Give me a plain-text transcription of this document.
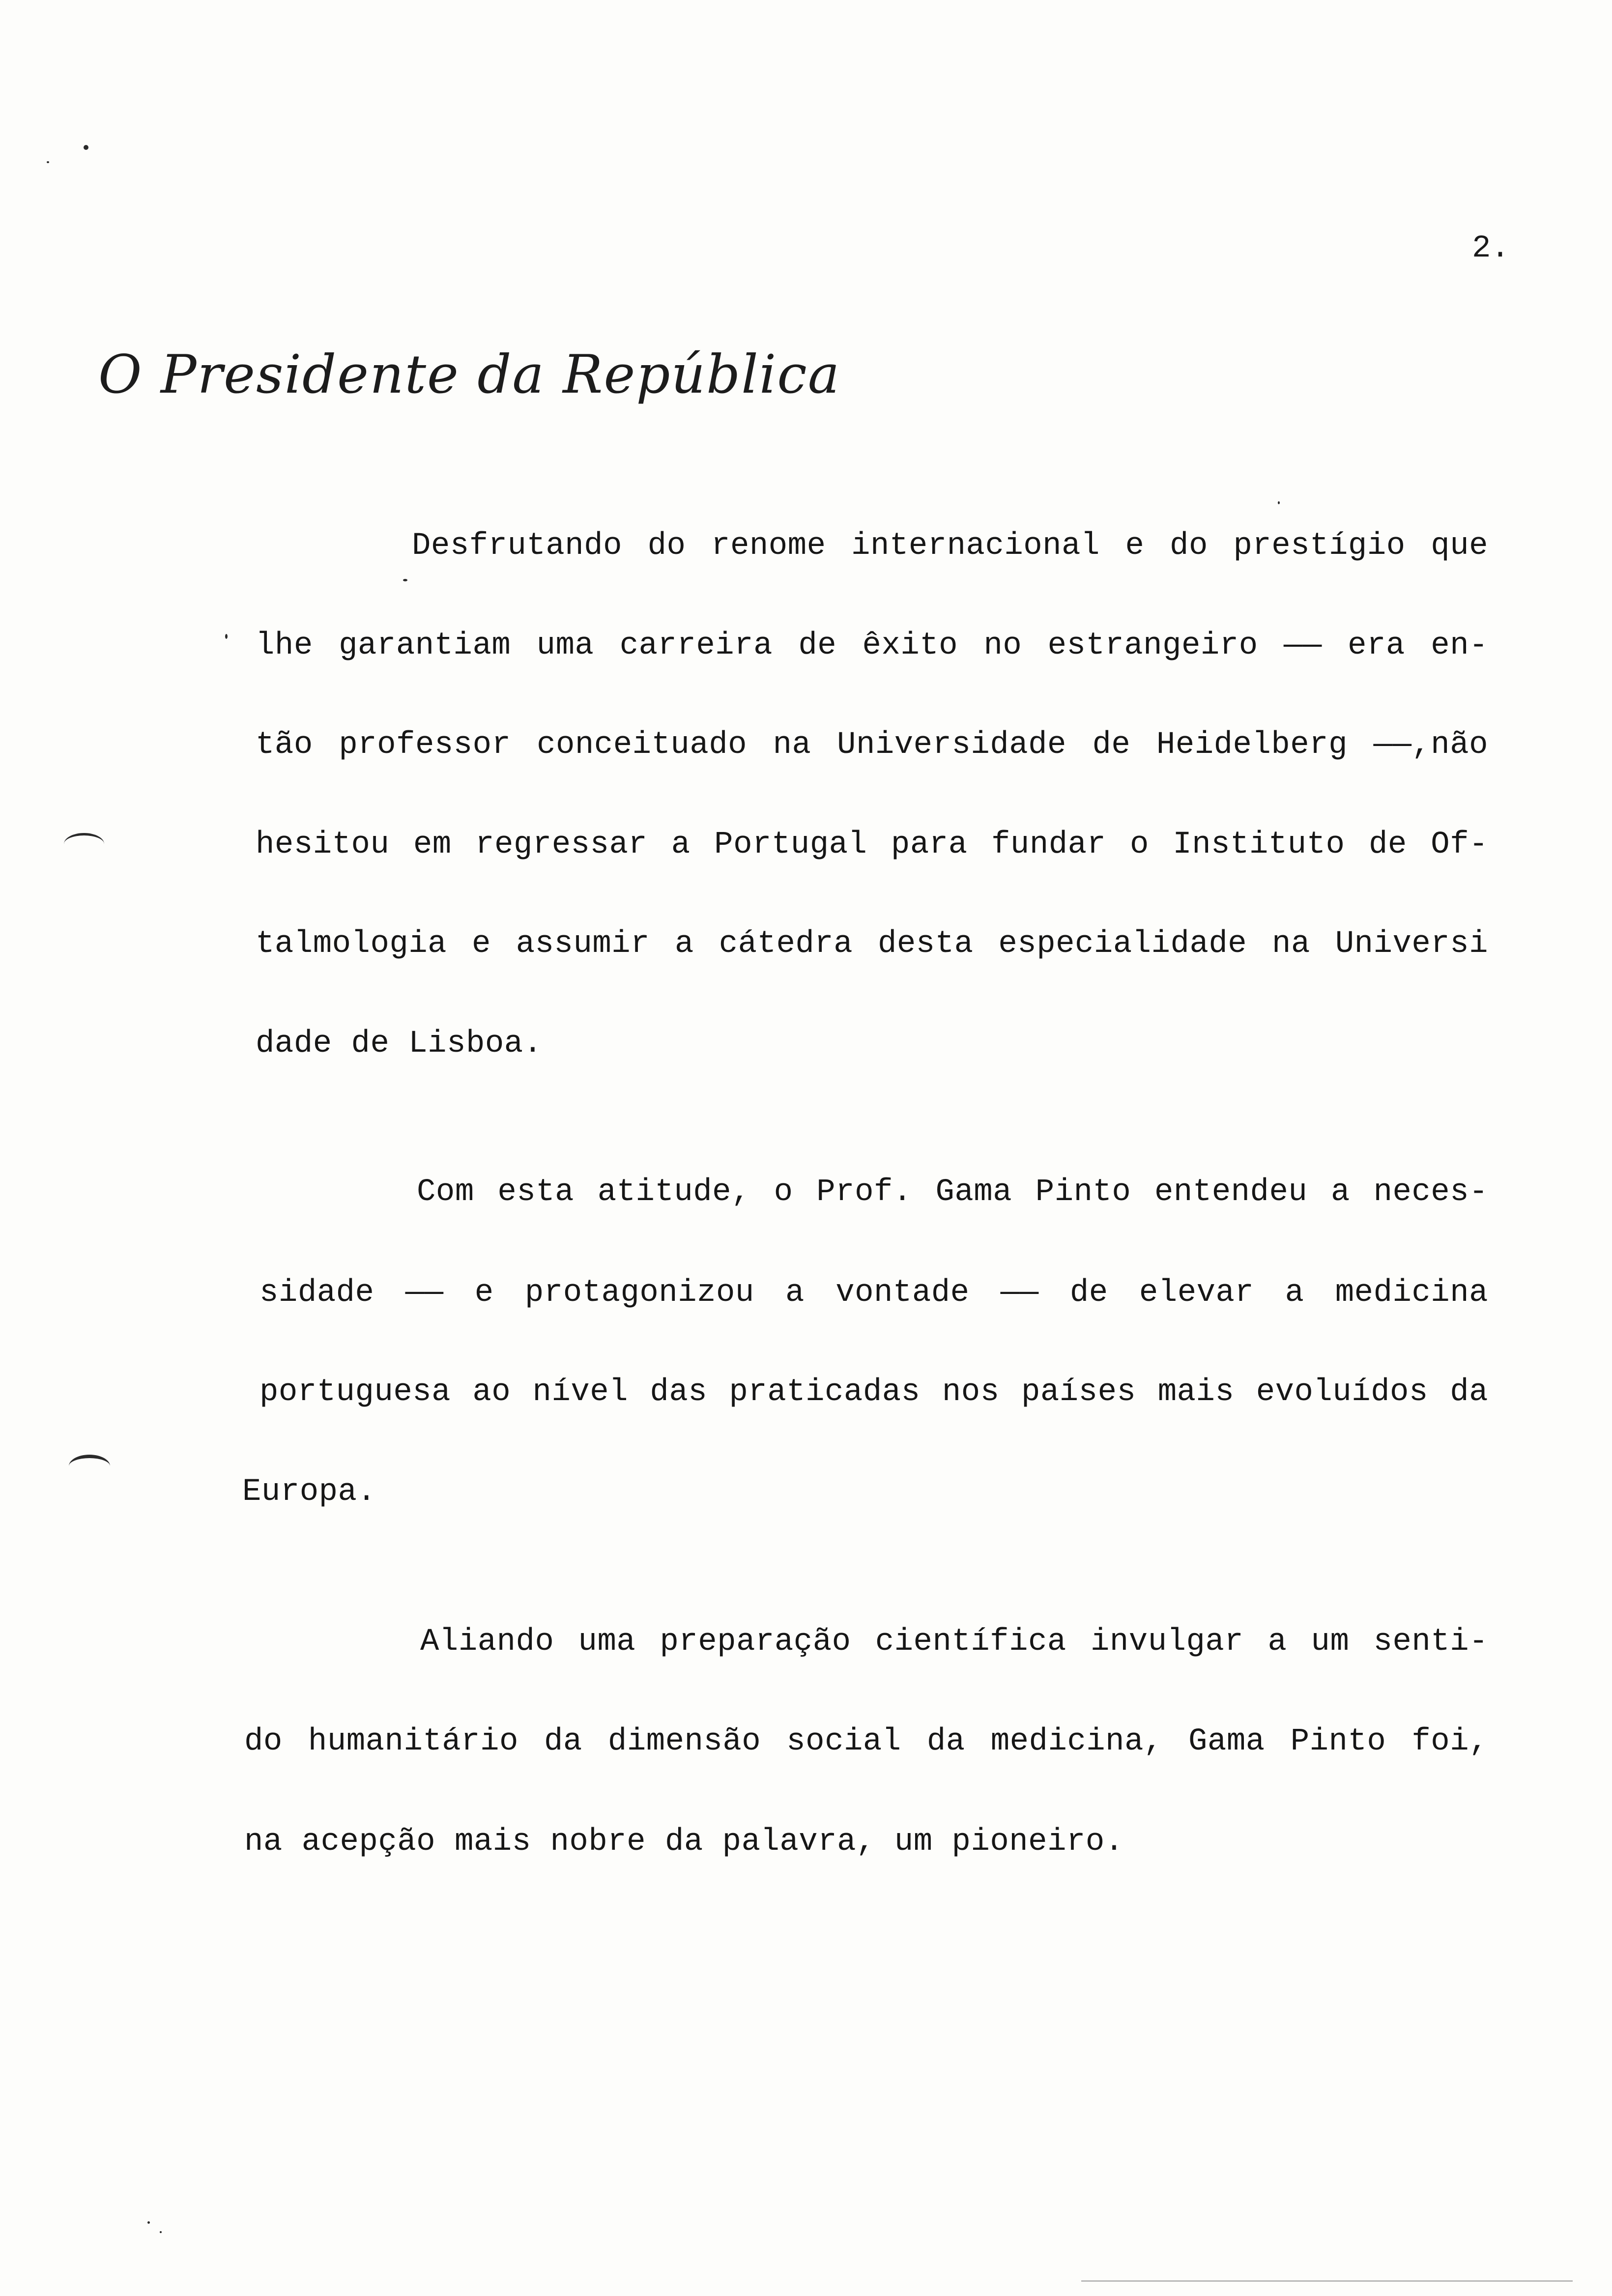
2.
O Presidente da República
Desfrutando do renome internacional e do prestígio que
lhe garantiam uma carreira de êxito no estrangeiro —— era en-
tão professor conceituado na Universidade de Heidelberg ——,não
hesitou em regressar a Portugal para fundar o Instituto de Of-
talmologia e assumir a cátedra desta especialidade na Universi
dade de Lisboa.
Com esta atitude, o Prof. Gama Pinto entendeu a neces-
sidade —— e protagonizou a vontade —— de elevar a medicina
portuguesa ao nível das praticadas nos países mais evoluídos da
Europa.
Aliando uma preparação científica invulgar a um senti-
do humanitário da dimensão social da medicina, Gama Pinto foi,
na acepção mais nobre da palavra, um pioneiro.
